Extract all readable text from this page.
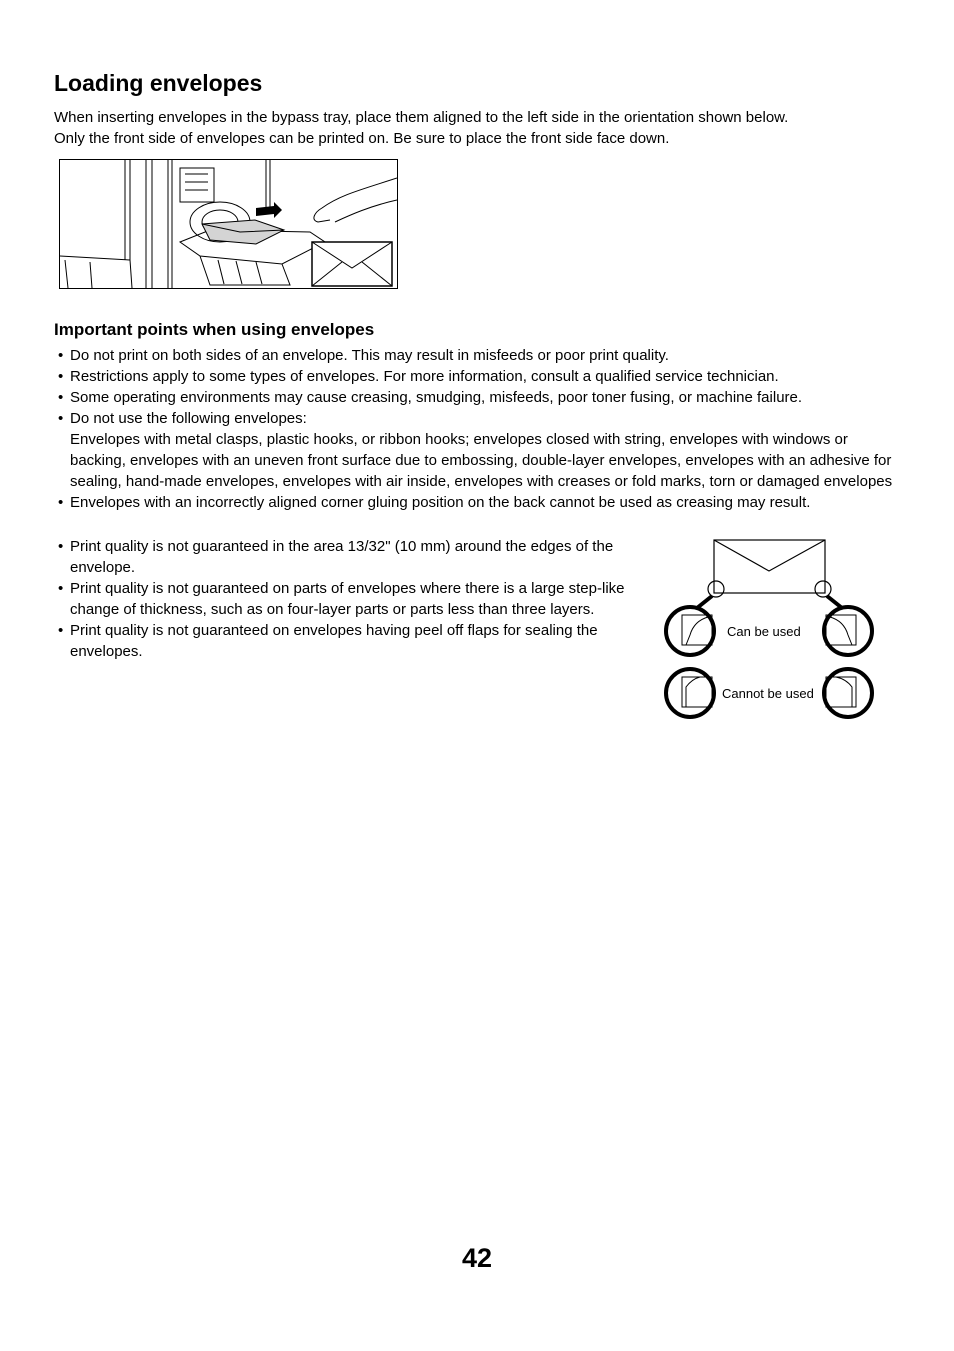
Loading envelopes

When inserting envelopes in the bypass tray, place them aligned to the left side in the orientation shown below.

Only the front side of envelopes can be printed on. Be sure to place the front side face down.

Important points when using envelopes
• Do not print on both sides of an envelope. This may result in misfeeds or poor print quality.
• Restrictions apply to some types of envelopes. For more information, consult a qualified service technician.
• Some operating environments may cause creasing, smudging, misfeeds, poor toner fusing, or machine failure.
• Do not use the following envelopes:
Envelopes with metal clasps, plastic hooks, or ribbon hooks; envelopes closed with string, envelopes with windows or backing, envelopes with an uneven front surface due to embossing, double-layer envelopes, envelopes with an adhesive for sealing, hand-made envelopes, envelopes with air inside, envelopes with creases or fold marks, torn or damaged envelopes
• Envelopes with an incorrectly aligned corner gluing position on the back cannot be used as creasing may result.
• Print quality is not guaranteed in the area 13/32" (10 mm) around the edges of the envelope.
• Print quality is not guaranteed on parts of envelopes where there is a large step-like change of thickness, such as on four-layer parts or parts less than three layers.
• Print quality is not guaranteed on envelopes having peel off flaps for sealing the envelopes.
Can be used
Cannot be used
42
